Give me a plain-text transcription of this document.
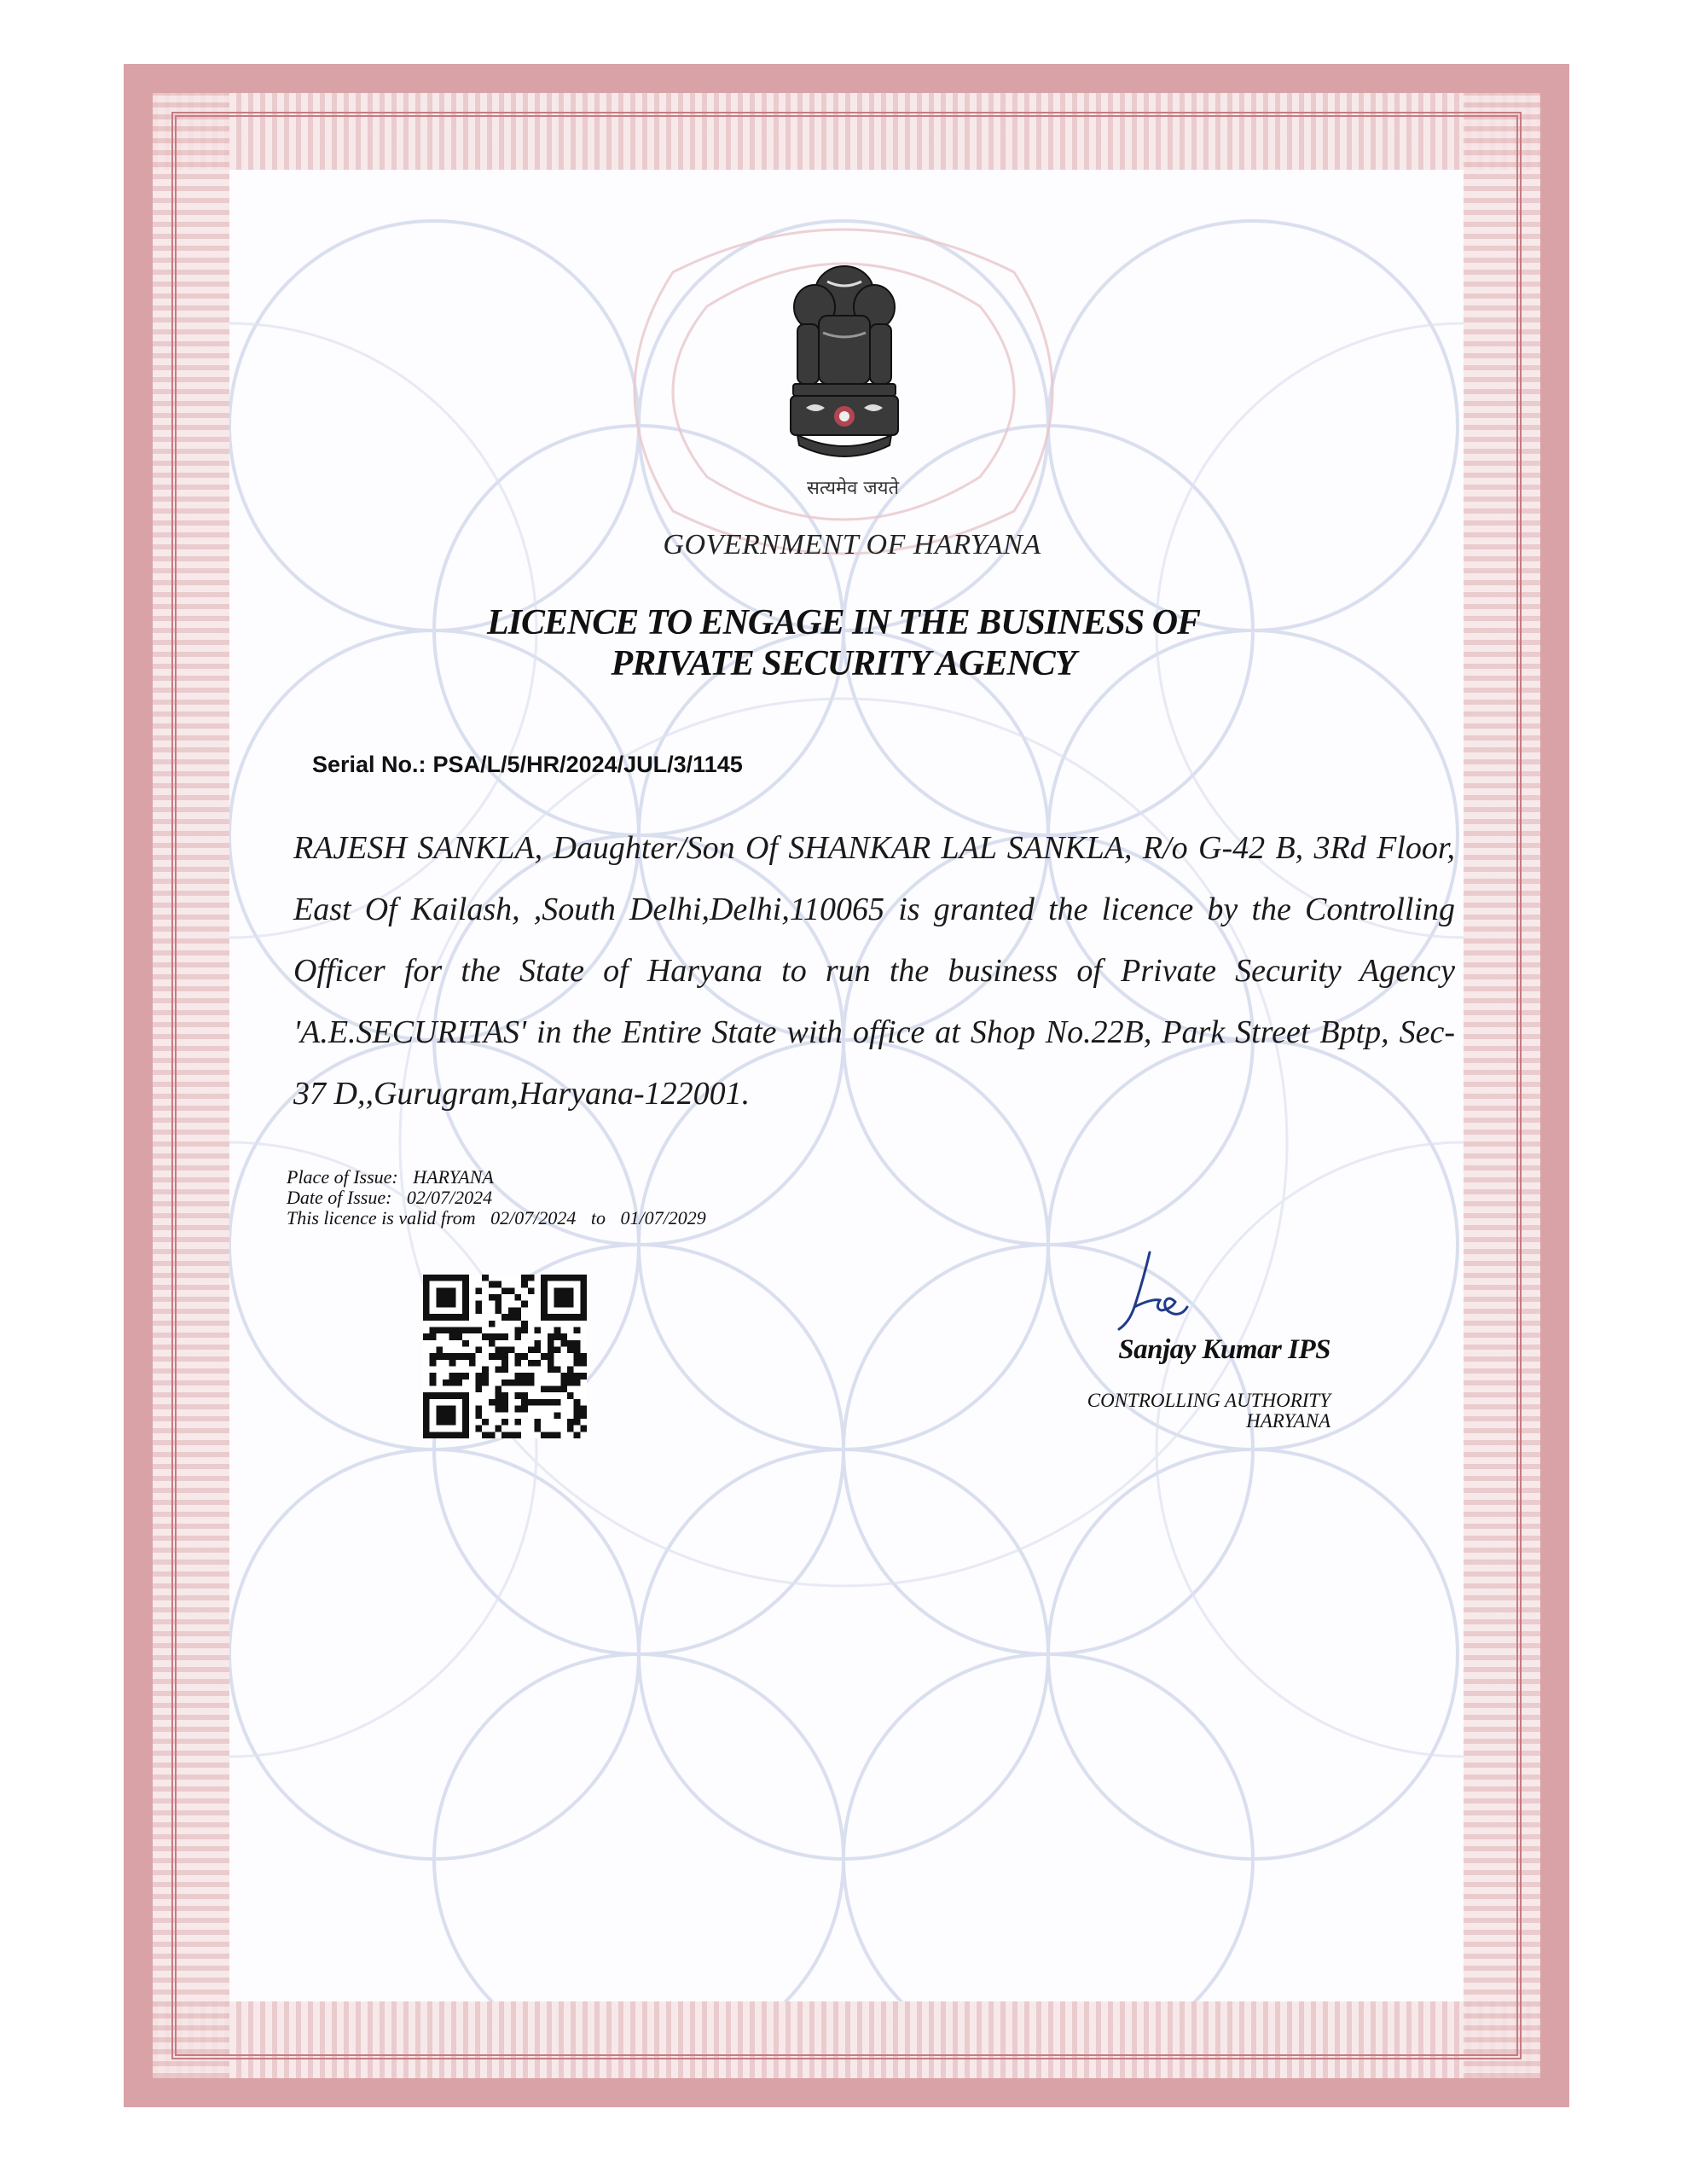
सत्यमेव जयते
GOVERNMENT OF HARYANA
LICENCE TO ENGAGE IN THE BUSINESS OF
PRIVATE SECURITY AGENCY
Serial No.: PSA/L/5/HR/2024/JUL/3/1145
RAJESH SANKLA, Daughter/Son Of SHANKAR LAL SANKLA, R/o G-42 B, 3Rd Floor, East Of Kailash, ,South Delhi,Delhi,110065 is granted the licence by the Controlling Officer for the State of Haryana to run the business of Private Security Agency 'A.E.SECURITAS' in the Entire State with office at Shop No.22B, Park Street Bptp, Sec-37 D,,Gurugram,Haryana-122001.
Place of Issue: HARYANA
Date of Issue: 02/07/2024
This licence is valid from 02/07/2024 to 01/07/2029
Sanjay Kumar IPS
CONTROLLING AUTHORITY
HARYANA
